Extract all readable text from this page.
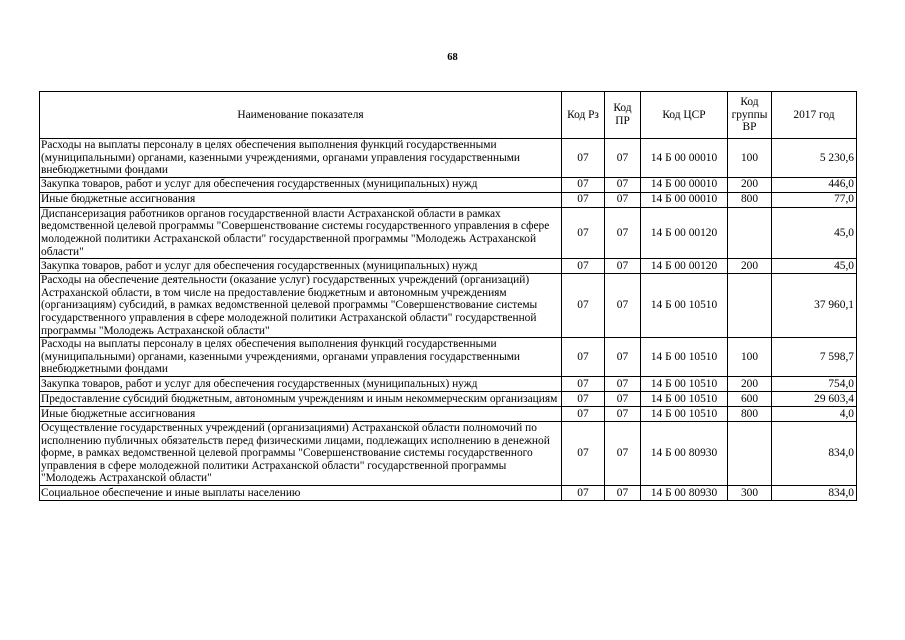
68
Наименование показателя	Код Рз	Код ПР	Код ЦСР	Код группы ВР	2017 год
Расходы на выплаты персоналу в целях обеспечения выполнения функций государственными (муниципальными) органами, казенными учреждениями, органами управления государственными внебюджетными фондами	07	07	14 Б 00 00010	100	5 230,6
Закупка товаров, работ и услуг для обеспечения государственных (муниципальных) нужд	07	07	14 Б 00 00010	200	446,0
Иные бюджетные ассигнования	07	07	14 Б 00 00010	800	77,0
Диспансеризация работников органов государственной власти Астраханской области в рамках ведомственной целевой программы "Совершенствование системы государственного управления в сфере молодежной политики Астраханской области" государственной программы "Молодежь Астраханской области"	07	07	14 Б 00 00120		45,0
Закупка товаров, работ и услуг для обеспечения государственных (муниципальных) нужд	07	07	14 Б 00 00120	200	45,0
Расходы на обеспечение деятельности (оказание услуг) государственных учреждений (организаций) Астраханской области, в том числе на предоставление бюджетным и автономным учреждениям (организациям) субсидий, в рамках ведомственной целевой программы "Совершенствование системы государственного управления в сфере молодежной политики Астраханской области" государственной программы "Молодежь Астраханской области"	07	07	14 Б 00 10510		37 960,1
Расходы на выплаты персоналу в целях обеспечения выполнения функций государственными (муниципальными) органами, казенными учреждениями, органами управления государственными внебюджетными фондами	07	07	14 Б 00 10510	100	7 598,7
Закупка товаров, работ и услуг для обеспечения государственных (муниципальных) нужд	07	07	14 Б 00 10510	200	754,0
Предоставление субсидий бюджетным, автономным учреждениям и иным некоммерческим организациям	07	07	14 Б 00 10510	600	29 603,4
Иные бюджетные ассигнования	07	07	14 Б 00 10510	800	4,0
Осуществление государственных учреждений (организациями) Астраханской области полномочий по исполнению публичных обязательств перед физическими лицами, подлежащих исполнению в денежной форме, в рамках ведомственной целевой программы "Совершенствование системы государственного управления в сфере молодежной политики Астраханской области" государственной программы "Молодежь Астраханской области"	07	07	14 Б 00 80930		834,0
Социальное обеспечение и иные выплаты населению	07	07	14 Б 00 80930	300	834,0
